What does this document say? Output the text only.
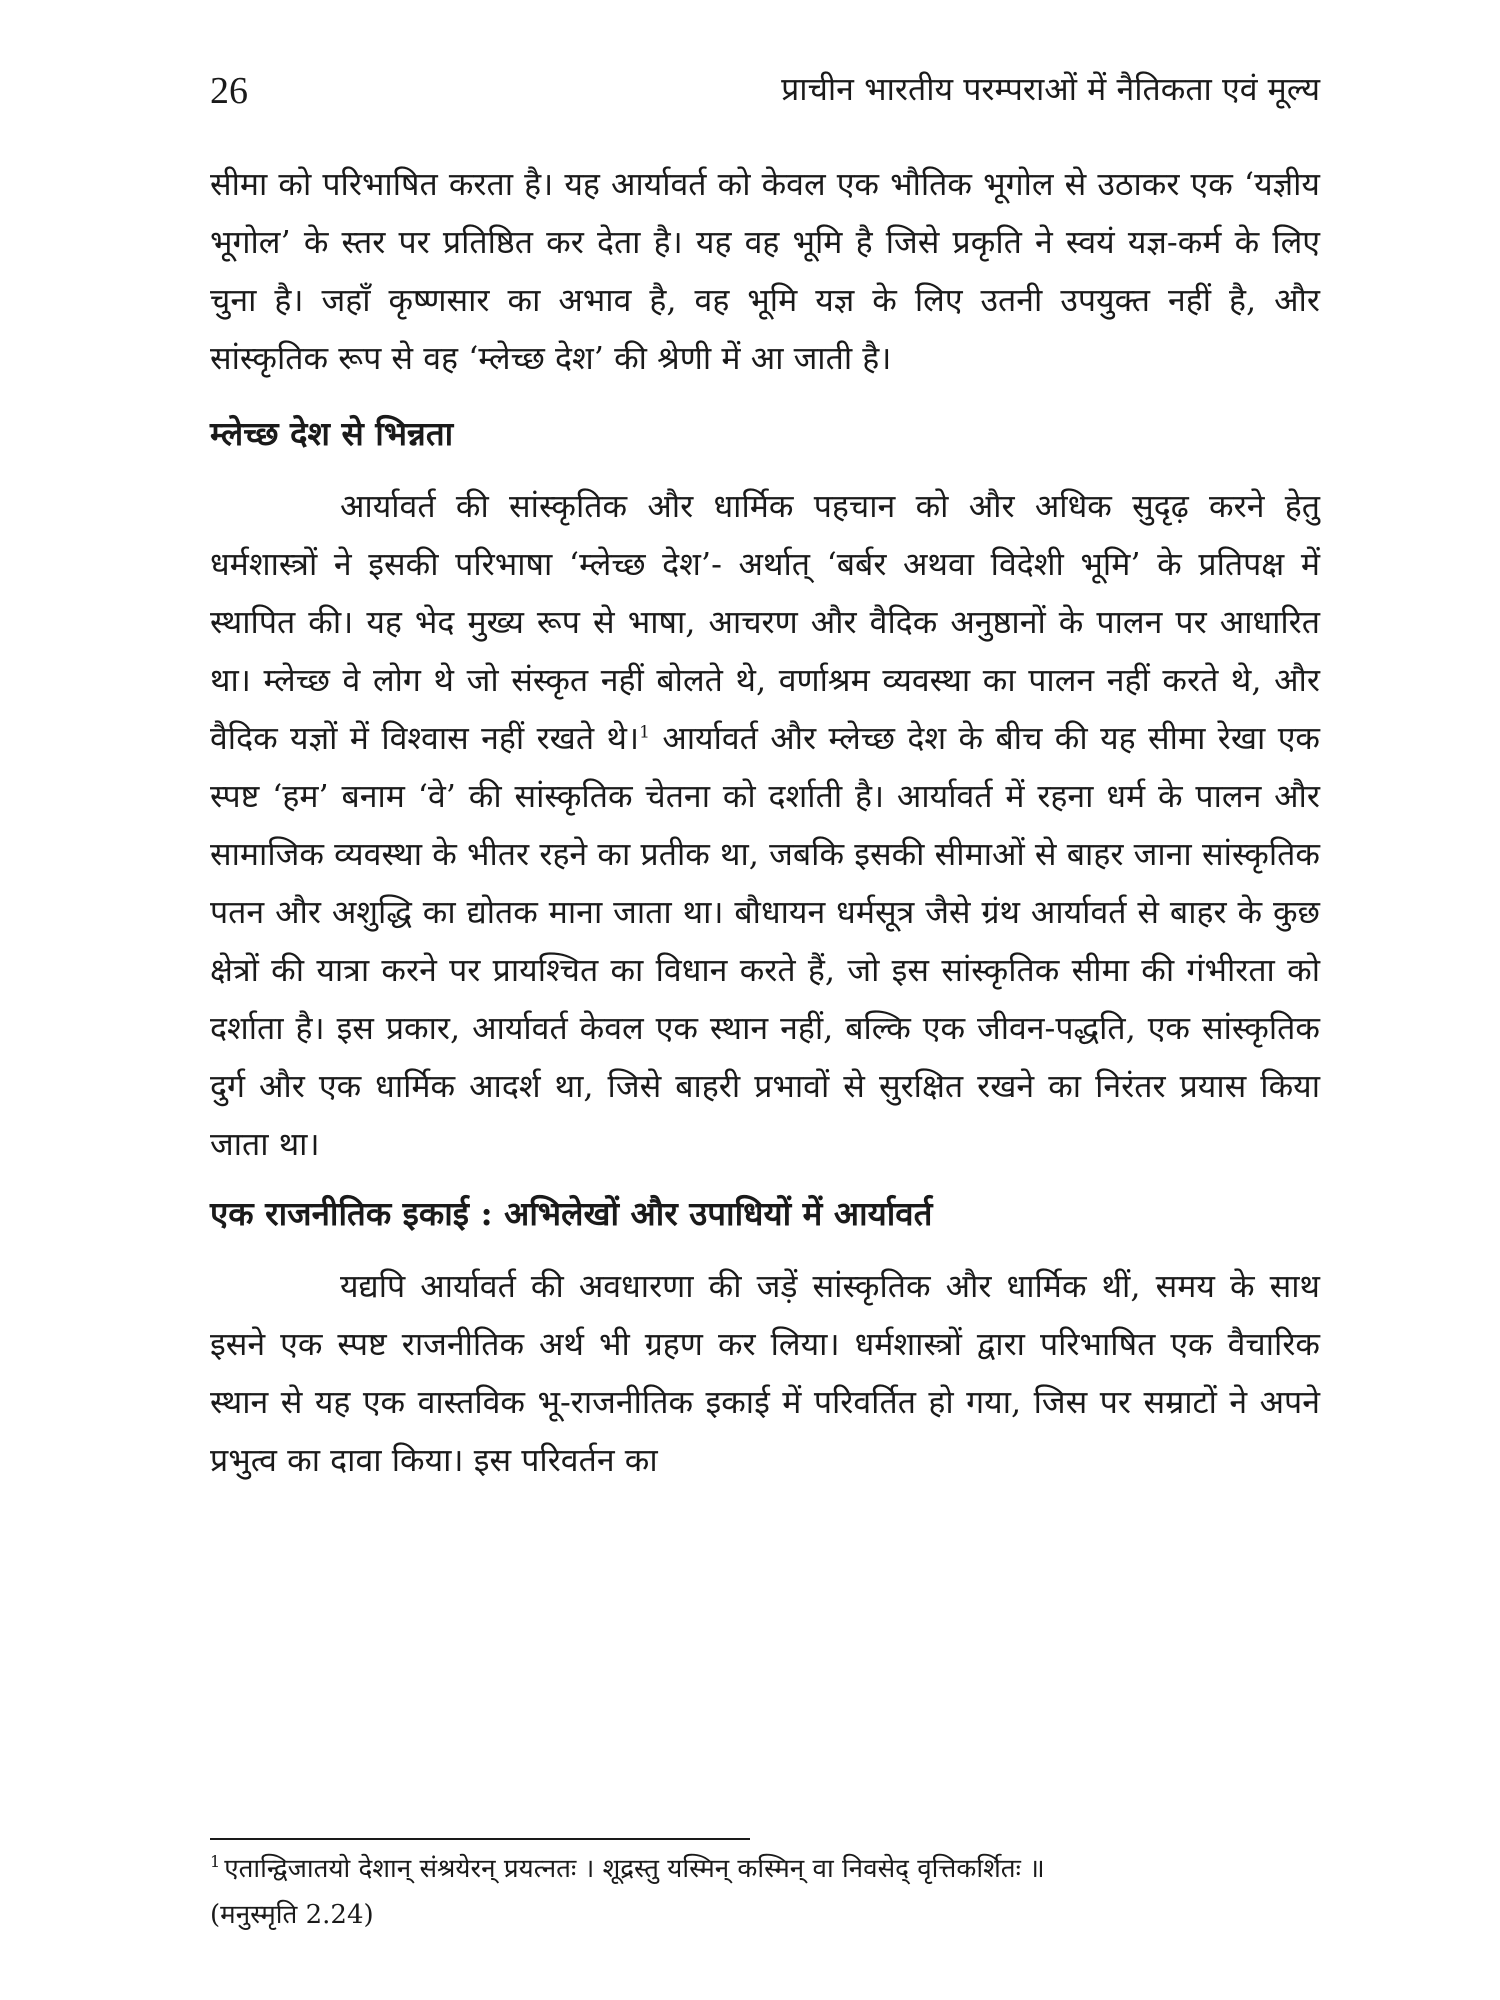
26	प्राचीन भारतीय परम्पराओं में नैतिकता एवं मूल्य

सीमा को परिभाषित करता है। यह आर्यावर्त को केवल एक भौतिक भूगोल से उठाकर एक ‘यज्ञीय भूगोल’ के स्तर पर प्रतिष्ठित कर देता है। यह वह भूमि है जिसे प्रकृति ने स्वयं यज्ञ-कर्म के लिए चुना है। जहाँ कृष्णसार का अभाव है, वह भूमि यज्ञ के लिए उतनी उपयुक्त नहीं है, और सांस्कृतिक रूप से वह ‘म्लेच्छ देश’ की श्रेणी में आ जाती है।

म्लेच्छ देश से भिन्नता

आर्यावर्त की सांस्कृतिक और धार्मिक पहचान को और अधिक सुदृढ़ करने हेतु धर्मशास्त्रों ने इसकी परिभाषा ‘म्लेच्छ देश’- अर्थात् ‘बर्बर अथवा विदेशी भूमि’ के प्रतिपक्ष में स्थापित की। यह भेद मुख्य रूप से भाषा, आचरण और वैदिक अनुष्ठानों के पालन पर आधारित था। म्लेच्छ वे लोग थे जो संस्कृत नहीं बोलते थे, वर्णाश्रम व्यवस्था का पालन नहीं करते थे, और वैदिक यज्ञों में विश्वास नहीं रखते थे।$^1$ आर्यावर्त और म्लेच्छ देश के बीच की यह सीमा रेखा एक स्पष्ट ‘हम’ बनाम ‘वे’ की सांस्कृतिक चेतना को दर्शाती है। आर्यावर्त में रहना धर्म के पालन और सामाजिक व्यवस्था के भीतर रहने का प्रतीक था, जबकि इसकी सीमाओं से बाहर जाना सांस्कृतिक पतन और अशुद्धि का द्योतक माना जाता था। बौधायन धर्मसूत्र जैसे ग्रंथ आर्यावर्त से बाहर के कुछ क्षेत्रों की यात्रा करने पर प्रायश्चित का विधान करते हैं, जो इस सांस्कृतिक सीमा की गंभीरता को दर्शाता है। इस प्रकार, आर्यावर्त केवल एक स्थान नहीं, बल्कि एक जीवन-पद्धति, एक सांस्कृतिक दुर्ग और एक धार्मिक आदर्श था, जिसे बाहरी प्रभावों से सुरक्षित रखने का निरंतर प्रयास किया जाता था।

एक राजनीतिक इकाई : अभिलेखों और उपाधियों में आर्यावर्त

यद्यपि आर्यावर्त की अवधारणा की जड़ें सांस्कृतिक और धार्मिक थीं, समय के साथ इसने एक स्पष्ट राजनीतिक अर्थ भी ग्रहण कर लिया। धर्मशास्त्रों द्वारा परिभाषित एक वैचारिक स्थान से यह एक वास्तविक भू-राजनीतिक इकाई में परिवर्तित हो गया, जिस पर सम्राटों ने अपने प्रभुत्व का दावा किया। इस परिवर्तन का

$^1$ एतान्द्विजातयो देशान् संश्रयेरन् प्रयत्नतः । शूद्रस्तु यस्मिन् कस्मिन् वा निवसेद् वृत्तिकर्शितः ॥
(मनुस्मृति 2.24)
